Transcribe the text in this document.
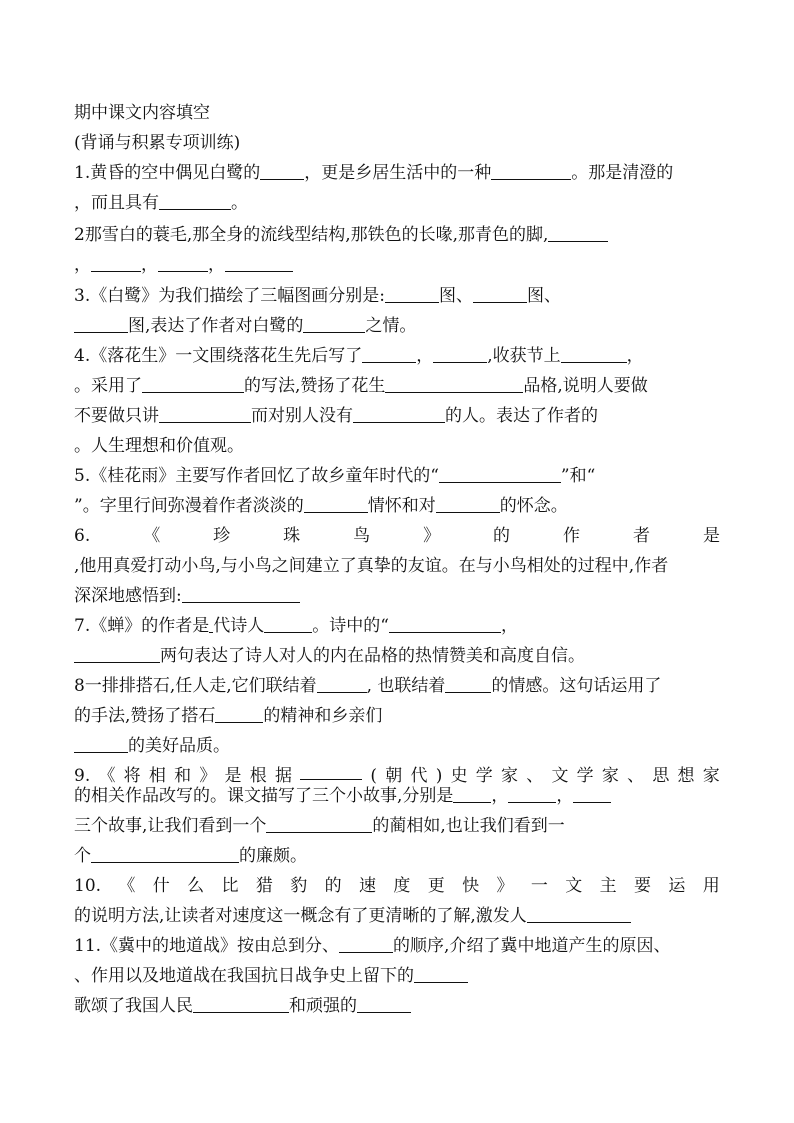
期中课文内容填空
(背诵与积累专项训练)
1.黄昏的空中偶见白鹭的	，更是乡居生活中的一种	。那是清澄的
，而且具有	。
2那雪白的蓑毛,那全身的流线型结构,那铁色的长喙,那青色的脚,
，	，	，
3.《白鹭》为我们描绘了三幅图画分别是:	图、	图、
图,表达了作者对白鹭的	之情。
4.《落花生》一文围绕落花生先后写了	，	,收获节上	，
。采用了	的写法,赞扬了花生	品格,说明人要做
不要做只讲	而对别人没有	的人。表达了作者的
。人生理想和价值观。
5.《桂花雨》主要写作者回忆了故乡童年时代的“	”和“
”。字里行间弥漫着作者淡淡的	情怀和对	的怀念。
6.	《	珍	珠	鸟	》	的	作	者	是
,他用真爱打动小鸟,与小鸟之间建立了真挚的友谊。在与小鸟相处的过程中,作者
深深地感悟到:
7.《蝉》的作者是 代诗人	。诗中的“	，
两句表达了诗人对人的内在品格的热情赞美和高度自信。
8一排排搭石,任人走,它们联结着	, 也联结着	的情感。这句话运用了
的手法,赞扬了搭石	的精神和乡亲们
的美好品质。
9. 《 将 相 和 》 是 根 据	( 朝 代 ) 史 学 家 、 文 学 家 、 思 想 家
的相关作品改写的。课文描写了三个小故事,分别是 ，	，
三个故事,让我们看到一个	的蔺相如,也让我们看到一
个	的廉颇。
10. 《 什 么 比 猎 豹 的 速 度 更 快 》 一 文 主 要 运 用
的说明方法,让读者对速度这一概念有了更清晰的了解,激发人
11.《冀中的地道战》按由总到分、	的顺序,介绍了冀中地道产生的原因、
、作用以及地道战在我国抗日战争史上留下的
歌颂了我国人民	和顽强的
